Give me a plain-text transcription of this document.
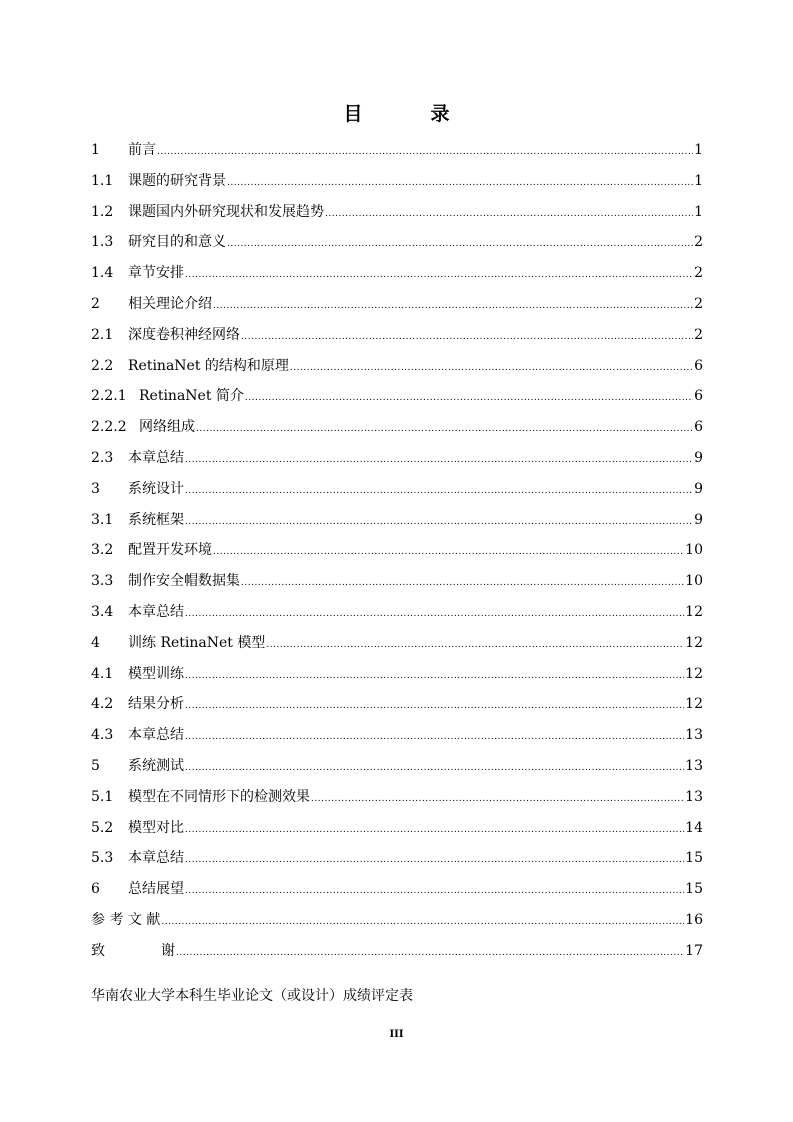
目	录
1	前言 .....	1
1.1	课题的研究背景 .....	1
1.2	课题国内外研究现状和发展趋势 .....	1
1.3	研究目的和意义 .....	2
1.4	章节安排 .....	2
2	相关理论介绍 .....	2
2.1	深度卷积神经网络 .....	2
2.2	RetinaNet 的结构和原理 .....	6
2.2.1 RetinaNet 简介 .....	6
2.2.2 网络组成 .....	6
2.3	本章总结 .....	9
3	系统设计 .....	9
3.1	系统框架 .....	9
3.2	配置开发环境 .....	10
3.3	制作安全帽数据集 .....	10
3.4	本章总结 .....	12
4	训练 RetinaNet 模型 .....	12
4.1	模型训练 .....	12
4.2	结果分析 .....	12
4.3	本章总结 .....	13
5	系统测试 .....	13
5.1	模型在不同情形下的检测效果 .....	13
5.2	模型对比 .....	14
5.3	本章总结 .....	15
6	总结展望 .....	15
参 考 文 献 .....	16
致　　　　谢 .....	17
华南农业大学本科生毕业论文（或设计）成绩评定表
III
